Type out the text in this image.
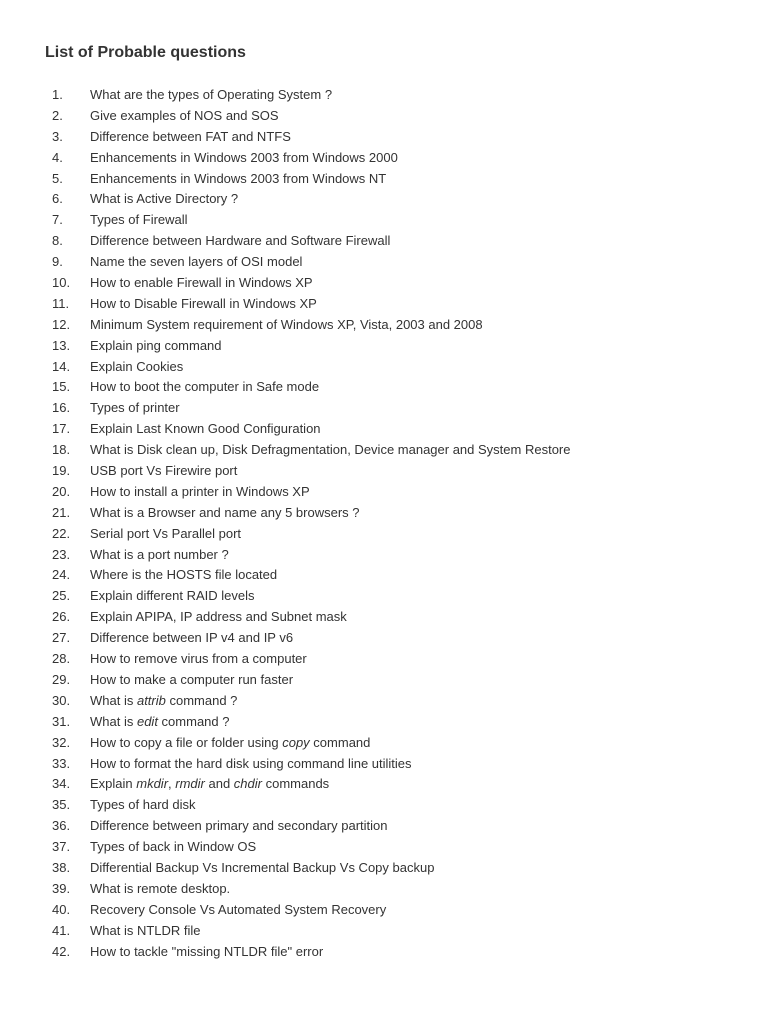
List of Probable questions
1. What are the types of Operating System ?
2. Give examples of NOS and SOS
3. Difference between FAT and NTFS
4. Enhancements in Windows 2003 from Windows 2000
5. Enhancements in Windows 2003 from Windows NT
6. What is Active Directory ?
7. Types of Firewall
8. Difference between Hardware and Software Firewall
9. Name the seven layers of OSI model
10. How to enable Firewall in Windows XP
11. How to Disable Firewall in Windows XP
12. Minimum System requirement of Windows XP, Vista, 2003 and 2008
13. Explain ping command
14. Explain Cookies
15. How to boot the computer in Safe mode
16. Types of printer
17. Explain Last Known Good Configuration
18. What is Disk clean up, Disk Defragmentation, Device manager and System Restore
19. USB port Vs Firewire port
20. How to install a printer in Windows XP
21. What is a Browser and name any 5 browsers ?
22. Serial port Vs Parallel port
23. What is a port number ?
24. Where is the HOSTS file located
25. Explain different RAID levels
26. Explain APIPA, IP address and Subnet mask
27. Difference between IP v4 and IP v6
28. How to remove virus from a computer
29. How to make a computer run faster
30. What is attrib command ?
31. What is edit command ?
32. How to copy a file or folder using copy command
33. How to format the hard disk using command line utilities
34. Explain mkdir, rmdir and chdir commands
35. Types of hard disk
36. Difference between primary and secondary partition
37. Types of back in Window OS
38. Differential Backup Vs Incremental Backup Vs Copy backup
39. What is remote desktop.
40. Recovery Console Vs Automated System Recovery
41. What is NTLDR file
42. How to tackle "missing NTLDR file" error
